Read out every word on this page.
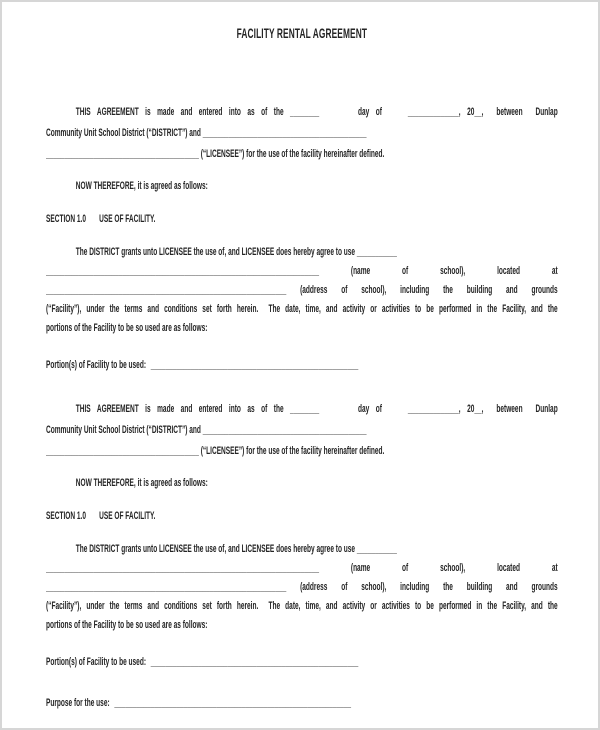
FACILITY RENTAL AGREEMENT
THIS AGREEMENT is made and entered into as of the ________      day of    ______________, 20__,  between  Dunlap
Community Unit School District (“DISTRICT”) and _____________________________________________
__________________________________________ (“LICENSEE”) for the use of the facility hereinafter defined.
NOW THEREFORE, it is agreed as follows:
SECTION 1.0 USE OF FACILITY.
The DISTRICT grants unto LICENSEE the use of, and LICENSEE does hereby agree to use ___________
___________________________________________________________________________ (name of school), located at
__________________________________________________________________ (address of school), including the building and grounds
(“Facility”), under the terms and conditions set forth herein.  The date, time, and activity or activities to be performed in the Facility, and the
portions of the Facility to be so used are as follows:
Portion(s) of Facility to be used: _________________________________________________________
THIS AGREEMENT is made and entered into as of the ________      day of    ______________, 20__,  between  Dunlap
Community Unit School District (“DISTRICT”) and _____________________________________________
__________________________________________ (“LICENSEE”) for the use of the facility hereinafter defined.
NOW THEREFORE, it is agreed as follows:
SECTION 1.0 USE OF FACILITY.
The DISTRICT grants unto LICENSEE the use of, and LICENSEE does hereby agree to use ___________
___________________________________________________________________________ (name of school), located at
__________________________________________________________________ (address of school), including the building and grounds
(“Facility”), under the terms and conditions set forth herein.  The date, time, and activity or activities to be performed in the Facility, and the
portions of the Facility to be so used are as follows:
Portion(s) of Facility to be used: _________________________________________________________
Purpose for the use: _________________________________________________________________
